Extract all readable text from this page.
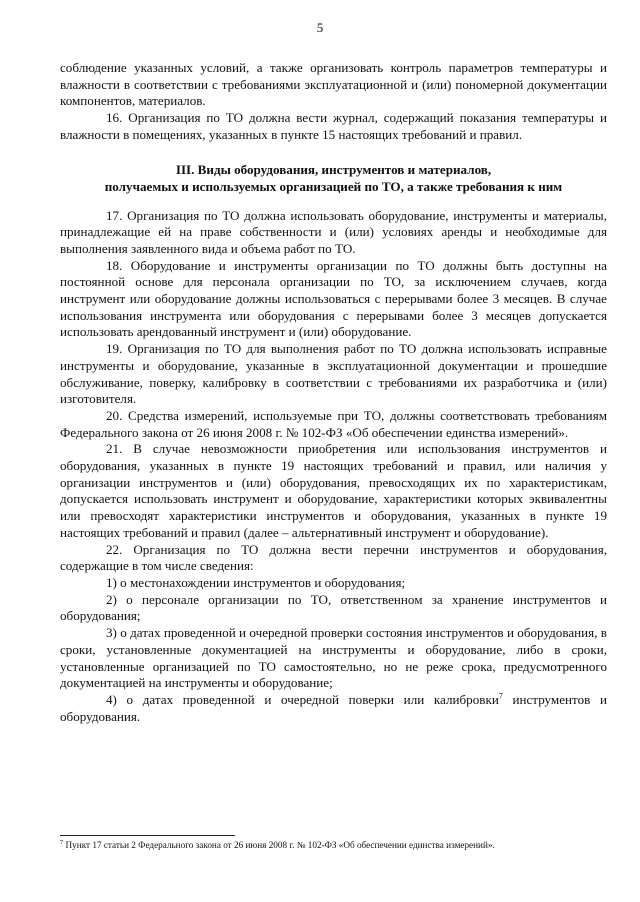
5

соблюдение указанных условий, а также организовать контроль параметров температуры и влажности в соответствии с требованиями эксплуатационной и (или) пономерной документации компонентов, материалов.

16. Организация по ТО должна вести журнал, содержащий показания температуры и влажности в помещениях, указанных в пункте 15 настоящих требований и правил.

III. Виды оборудования, инструментов и материалов,
получаемых и используемых организацией по ТО, а также требования к ним

17. Организация по ТО должна использовать оборудование, инструменты и материалы, принадлежащие ей на праве собственности и (или) условиях аренды и необходимые для выполнения заявленного вида и объема работ по ТО.

18. Оборудование и инструменты организации по ТО должны быть доступны на постоянной основе для персонала организации по ТО, за исключением случаев, когда инструмент или оборудование должны использоваться с перерывами более 3 месяцев. В случае использования инструмента или оборудования с перерывами более 3 месяцев допускается использовать арендованный инструмент и (или) оборудование.

19. Организация по ТО для выполнения работ по ТО должна использовать исправные инструменты и оборудование, указанные в эксплуатационной документации и прошедшие обслуживание, поверку, калибровку в соответствии с требованиями их разработчика и (или) изготовителя.

20. Средства измерений, используемые при ТО, должны соответствовать требованиям Федерального закона от 26 июня 2008 г. № 102-ФЗ «Об обеспечении единства измерений».

21. В случае невозможности приобретения или использования инструментов и оборудования, указанных в пункте 19 настоящих требований и правил, или наличия у организации инструментов и (или) оборудования, превосходящих их по характеристикам, допускается использовать инструмент и оборудование, характеристики которых эквивалентны или превосходят характеристики инструментов и оборудования, указанных в пункте 19 настоящих требований и правил (далее – альтернативный инструмент и оборудование).

22. Организация по ТО должна вести перечни инструментов и оборудования, содержащие в том числе сведения:

1) о местонахождении инструментов и оборудования;

2) о персонале организации по ТО, ответственном за хранение инструментов и оборудования;

3) о датах проведенной и очередной проверки состояния инструментов и оборудования, в сроки, установленные документацией на инструменты и оборудование, либо в сроки, установленные организацией по ТО самостоятельно, но не реже срока, предусмотренного документацией на инструменты и оборудование;

4) о датах проведенной и очередной поверки или калибровки$^7$ инструментов и оборудования.

$^7$ Пункт 17 статьи 2 Федерального закона от 26 июня 2008 г. № 102-ФЗ «Об обеспечении единства измерений».
